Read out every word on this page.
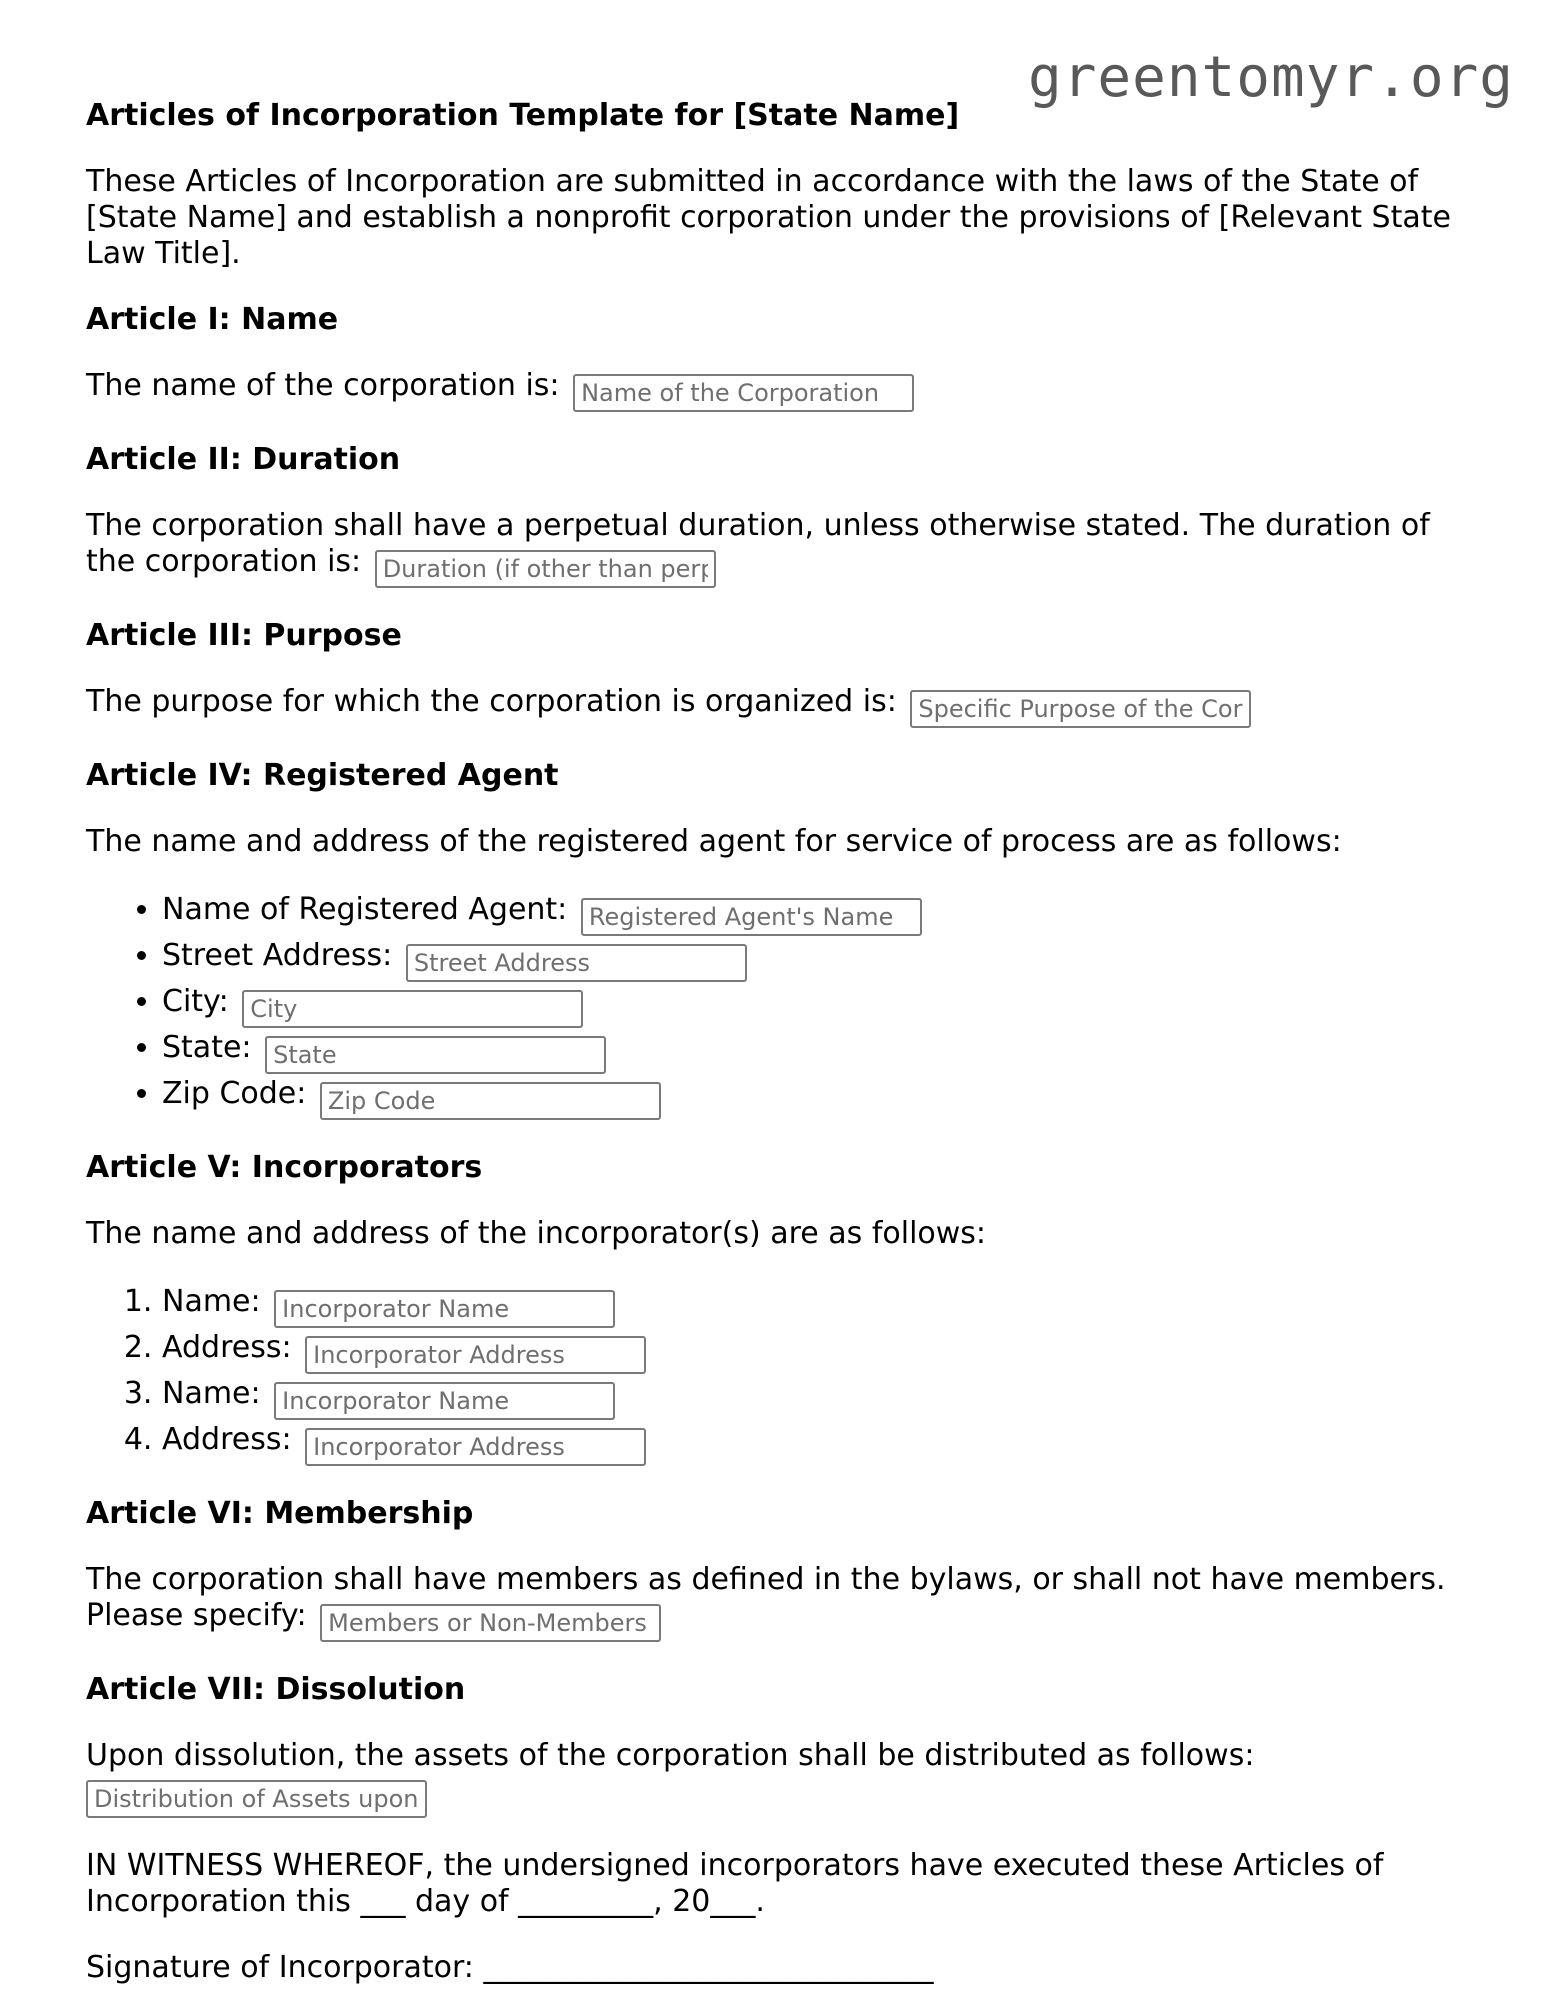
greentomyr.org
Articles of Incorporation Template for [State Name]

These Articles of Incorporation are submitted in accordance with the laws of the State of [State Name] and establish a nonprofit corporation under the provisions of [Relevant State Law Title].

Article I: Name

The name of the corporation is: Name of the Corporation

Article II: Duration

The corporation shall have a perpetual duration, unless otherwise stated. The duration of the corporation is: Duration (if other than perpetual)

Article III: Purpose

The purpose for which the corporation is organized is: Specific Purpose of the Corporation

Article IV: Registered Agent

The name and address of the registered agent for service of process are as follows:

• Name of Registered Agent: Registered Agent's Name
• Street Address: Street Address
• City: City
• State: State
• Zip Code: Zip Code
Article V: Incorporators

The name and address of the incorporator(s) are as follows:

1. Name: Incorporator Name
2. Address: Incorporator Address
3. Name: Incorporator Name
4. Address: Incorporator Address
Article VI: Membership

The corporation shall have members as defined in the bylaws, or shall not have members. Please specify: Members or Non-Members

Article VII: Dissolution

Upon dissolution, the assets of the corporation shall be distributed as follows: Distribution of Assets upon Dissolution

IN WITNESS WHEREOF, the undersigned incorporators have executed these Articles of Incorporation this ___ day of _________, 20___.

Signature of Incorporator: ______________________________
